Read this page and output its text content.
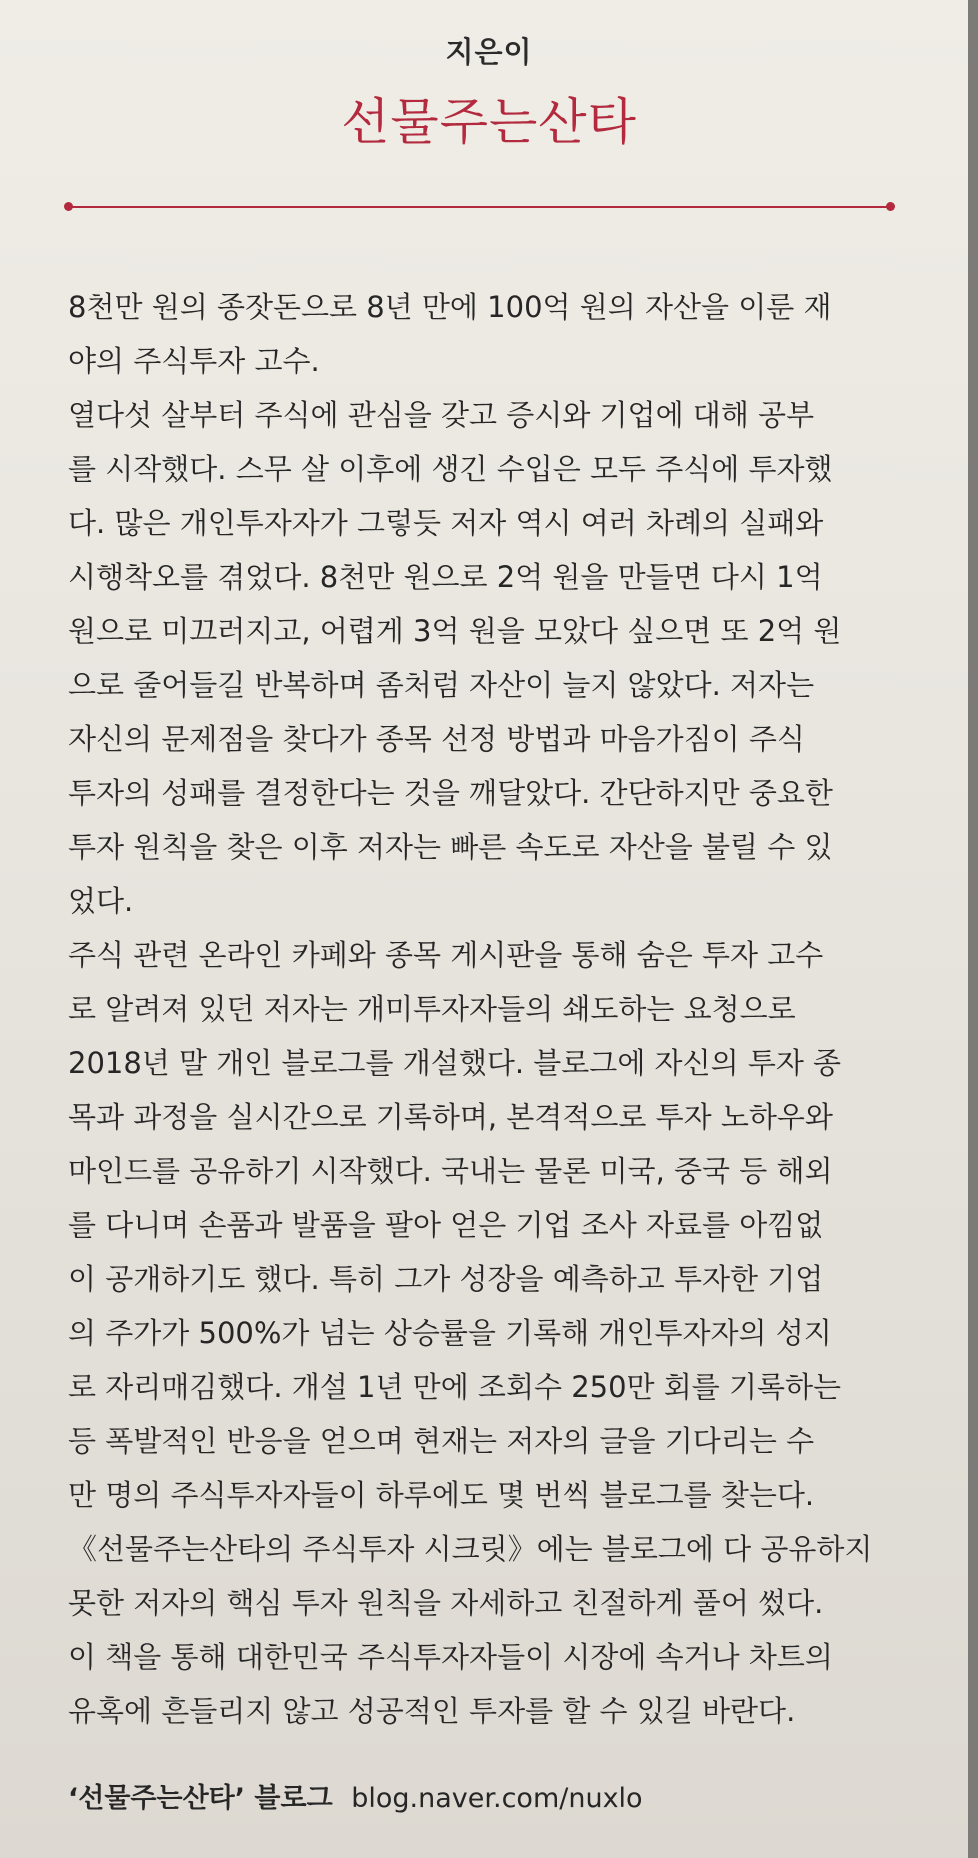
지은이
선물주는산타
8천만 원의 종잣돈으로 8년 만에 100억 원의 자산을 이룬 재
야의 주식투자 고수.
열다섯 살부터 주식에 관심을 갖고 증시와 기업에 대해 공부
를 시작했다. 스무 살 이후에 생긴 수입은 모두 주식에 투자했
다. 많은 개인투자자가 그렇듯 저자 역시 여러 차례의 실패와
시행착오를 겪었다. 8천만 원으로 2억 원을 만들면 다시 1억
원으로 미끄러지고, 어렵게 3억 원을 모았다 싶으면 또 2억 원
으로 줄어들길 반복하며 좀처럼 자산이 늘지 않았다. 저자는
자신의 문제점을 찾다가 종목 선정 방법과 마음가짐이 주식
투자의 성패를 결정한다는 것을 깨달았다. 간단하지만 중요한
투자 원칙을 찾은 이후 저자는 빠른 속도로 자산을 불릴 수 있
었다.
주식 관련 온라인 카페와 종목 게시판을 통해 숨은 투자 고수
로 알려져 있던 저자는 개미투자자들의 쇄도하는 요청으로
2018년 말 개인 블로그를 개설했다. 블로그에 자신의 투자 종
목과 과정을 실시간으로 기록하며, 본격적으로 투자 노하우와
마인드를 공유하기 시작했다. 국내는 물론 미국, 중국 등 해외
를 다니며 손품과 발품을 팔아 얻은 기업 조사 자료를 아낌없
이 공개하기도 했다. 특히 그가 성장을 예측하고 투자한 기업
의 주가가 500%가 넘는 상승률을 기록해 개인투자자의 성지
로 자리매김했다. 개설 1년 만에 조회수 250만 회를 기록하는
등 폭발적인 반응을 얻으며 현재는 저자의 글을 기다리는 수
만 명의 주식투자자들이 하루에도 몇 번씩 블로그를 찾는다.
《선물주는산타의 주식투자 시크릿》에는 블로그에 다 공유하지
못한 저자의 핵심 투자 원칙을 자세하고 친절하게 풀어 썼다.
이 책을 통해 대한민국 주식투자자들이 시장에 속거나 차트의
유혹에 흔들리지 않고 성공적인 투자를 할 수 있길 바란다.
‘선물주는산타’ 블로그 blog.naver.com/nuxlo
